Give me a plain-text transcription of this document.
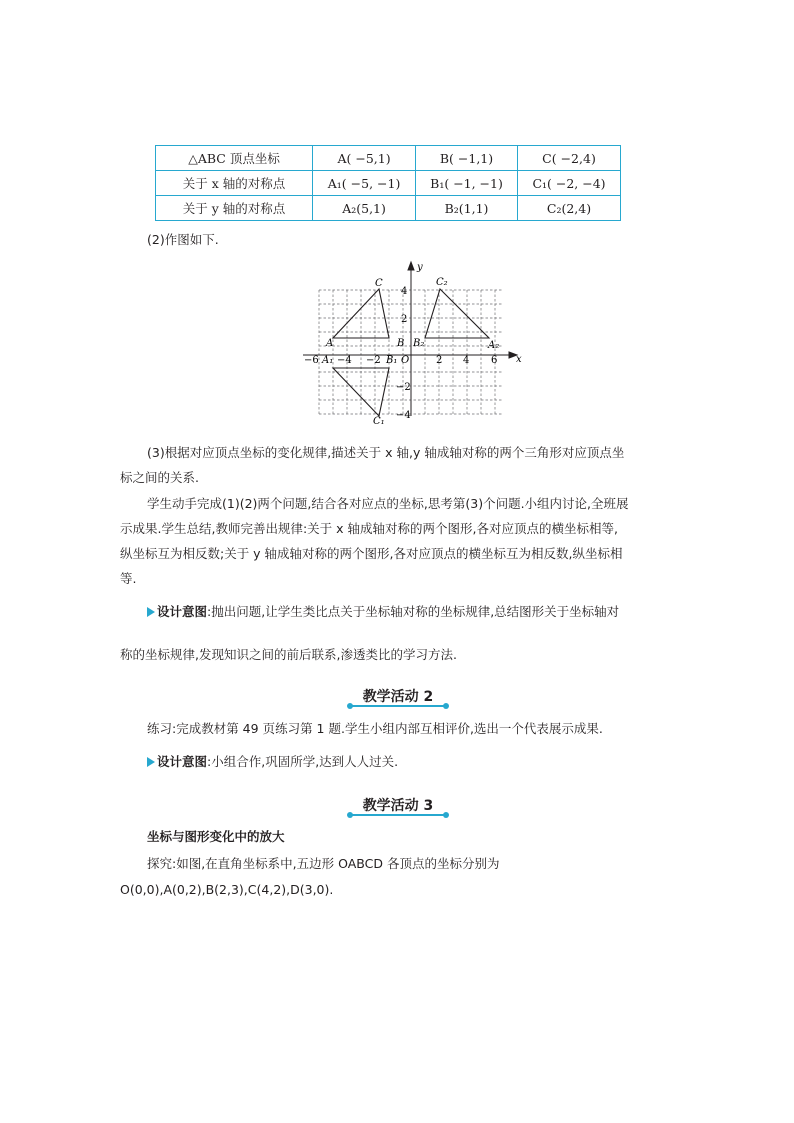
△ABC 顶点坐标	A( −5,1)	B( −1,1)	C( −2,4)
关于 x 轴的对称点	A₁( −5, −1)	B₁( −1, −1)	C₁( −2, −4)
关于 y 轴的对称点	A₂(5,1)	B₂(1,1)	C₂(2,4)
(2)作图如下.
x
y
O
−6 −4 −2	2 4 6
4
2
−2
−4
A	B
C
A₁	B₁
C₁
A₂
B₂
C₂
(3)根据对应顶点坐标的变化规律,描述关于 x 轴,y 轴成轴对称的两个三角形对应顶点坐
标之间的关系.
学生动手完成(1)(2)两个问题,结合各对应点的坐标,思考第(3)个问题.小组内讨论,全班展
示成果.学生总结,教师完善出规律:关于 x 轴成轴对称的两个图形,各对应顶点的横坐标相等,
纵坐标互为相反数;关于 y 轴成轴对称的两个图形,各对应顶点的横坐标互为相反数,纵坐标相
等.
设计意图:抛出问题,让学生类比点关于坐标轴对称的坐标规律,总结图形关于坐标轴对
称的坐标规律,发现知识之间的前后联系,渗透类比的学习方法.
教学活动 2
练习:完成教材第 49 页练习第 1 题.学生小组内部互相评价,选出一个代表展示成果.
设计意图:小组合作,巩固所学,达到人人过关.
教学活动 3
坐标与图形变化中的放大
探究:如图,在直角坐标系中,五边形 OABCD 各顶点的坐标分别为
O(0,0),A(0,2),B(2,3),C(4,2),D(3,0).
